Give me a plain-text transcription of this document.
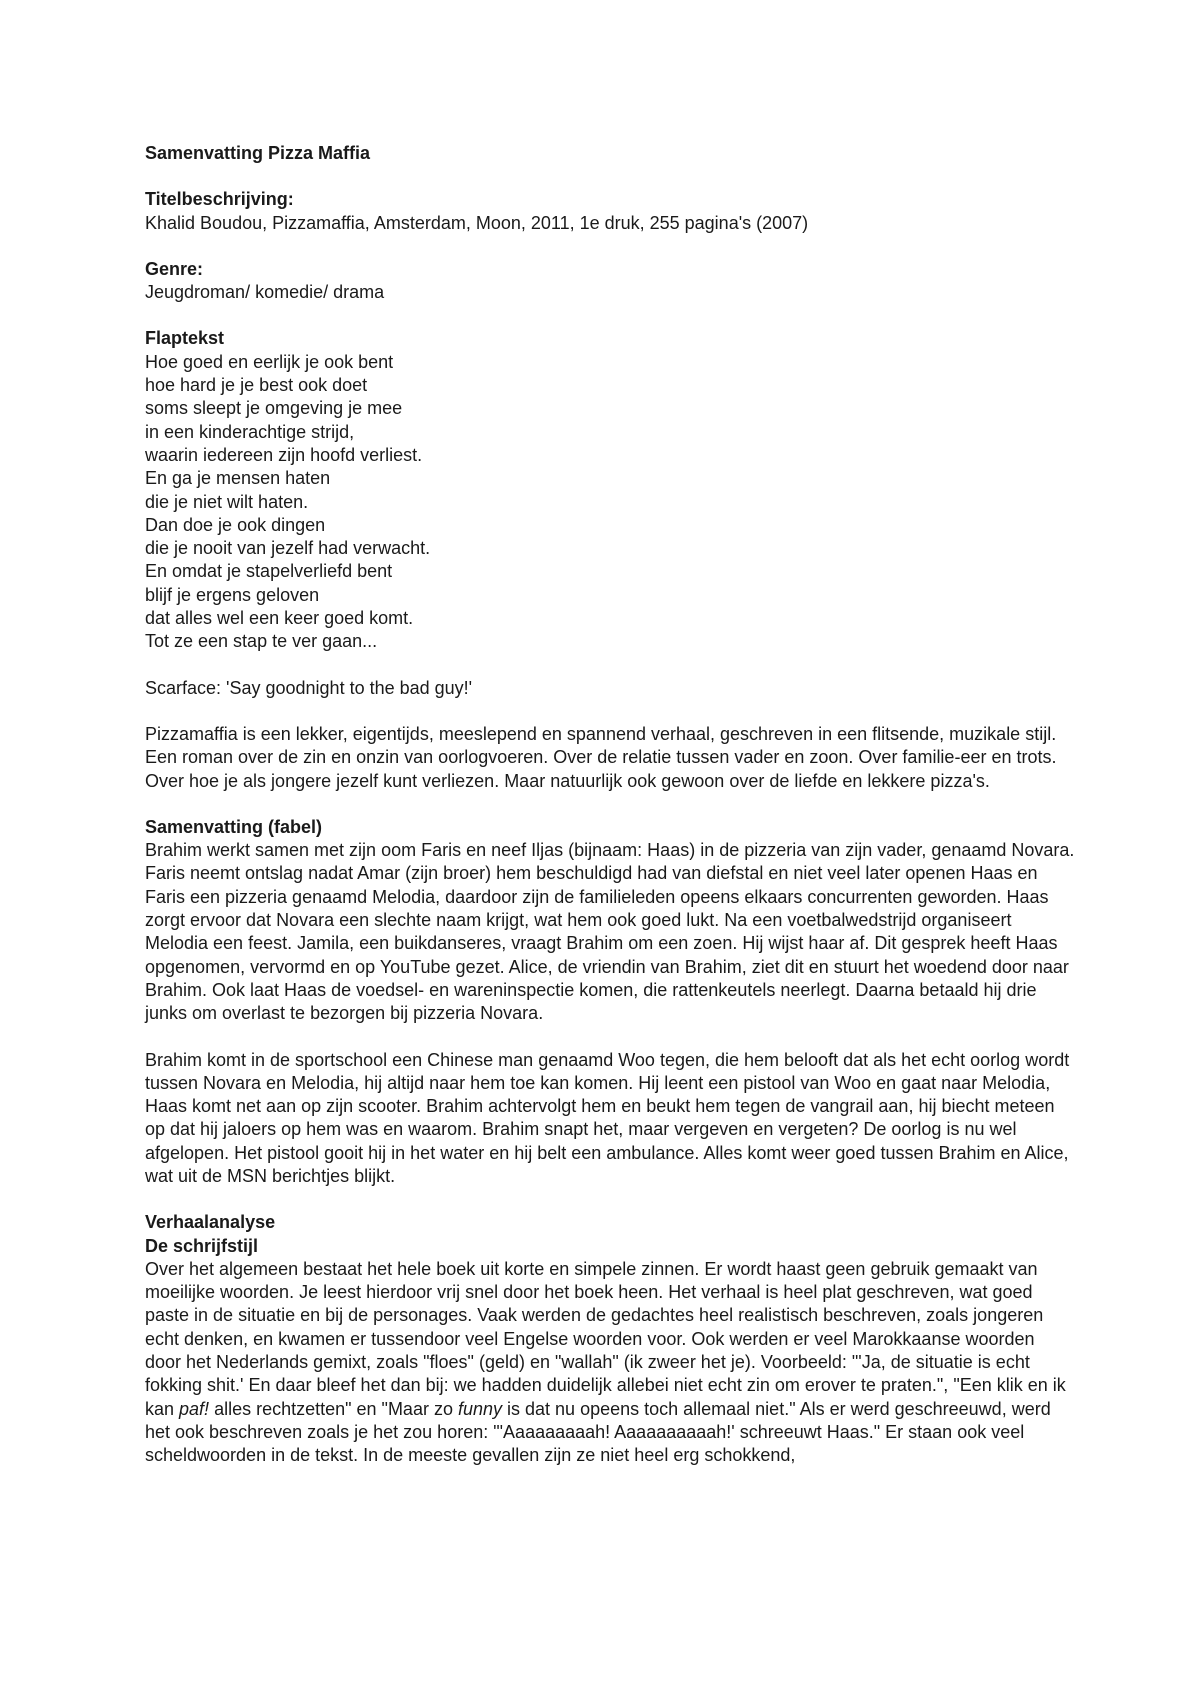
Samenvatting Pizza Maffia

Titelbeschrijving:

Khalid Boudou, Pizzamaffia, Amsterdam, Moon, 2011, 1e druk, 255 pagina's (2007)

Genre:

Jeugdroman/ komedie/ drama

Flaptekst

Hoe goed en eerlijk je ook bent
hoe hard je je best ook doet
soms sleept je omgeving je mee
in een kinderachtige strijd,
waarin iedereen zijn hoofd verliest.
En ga je mensen haten
die je niet wilt haten.
Dan doe je ook dingen
die je nooit van jezelf had verwacht.
En omdat je stapelverliefd bent
blijf je ergens geloven
dat alles wel een keer goed komt.
Tot ze een stap te ver gaan...

Scarface: 'Say goodnight to the bad guy!'

Pizzamaffia is een lekker, eigentijds, meeslepend en spannend verhaal, geschreven in een flitsende, muzikale stijl. Een roman over de zin en onzin van oorlogvoeren. Over de relatie tussen vader en zoon. Over familie-eer en trots. Over hoe je als jongere jezelf kunt verliezen. Maar natuurlijk ook gewoon over de liefde en lekkere pizza's.

Samenvatting (fabel)

Brahim werkt samen met zijn oom Faris en neef Iljas (bijnaam: Haas) in de pizzeria van zijn vader, genaamd Novara. Faris neemt ontslag nadat Amar (zijn broer) hem beschuldigd had van diefstal en niet veel later openen Haas en Faris een pizzeria genaamd Melodia, daardoor zijn de familieleden opeens elkaars concurrenten geworden. Haas zorgt ervoor dat Novara een slechte naam krijgt, wat hem ook goed lukt. Na een voetbalwedstrijd organiseert Melodia een feest. Jamila, een buikdanseres, vraagt Brahim om een zoen. Hij wijst haar af. Dit gesprek heeft Haas opgenomen, vervormd en op YouTube gezet. Alice, de vriendin van Brahim, ziet dit en stuurt het woedend door naar Brahim. Ook laat Haas de voedsel- en wareninspectie komen, die rattenkeutels neerlegt. Daarna betaald hij drie junks om overlast te bezorgen bij pizzeria Novara.

Brahim komt in de sportschool een Chinese man genaamd Woo tegen, die hem belooft dat als het echt oorlog wordt tussen Novara en Melodia, hij altijd naar hem toe kan komen. Hij leent een pistool van Woo en gaat naar Melodia, Haas komt net aan op zijn scooter. Brahim achtervolgt hem en beukt hem tegen de vangrail aan, hij biecht meteen op dat hij jaloers op hem was en waarom. Brahim snapt het, maar vergeven en vergeten? De oorlog is nu wel afgelopen. Het pistool gooit hij in het water en hij belt een ambulance. Alles komt weer goed tussen Brahim en Alice, wat uit de MSN berichtjes blijkt.

Verhaalanalyse

De schrijfstijl

Over het algemeen bestaat het hele boek uit korte en simpele zinnen. Er wordt haast geen gebruik gemaakt van moeilijke woorden. Je leest hierdoor vrij snel door het boek heen. Het verhaal is heel plat geschreven, wat goed paste in de situatie en bij de personages. Vaak werden de gedachtes heel realistisch beschreven, zoals jongeren echt denken, en kwamen er tussendoor veel Engelse woorden voor. Ook werden er veel Marokkaanse woorden door het Nederlands gemixt, zoals "floes" (geld) en "wallah" (ik zweer het je). Voorbeeld: "'Ja, de situatie is echt fokking shit.' En daar bleef het dan bij: we hadden duidelijk allebei niet echt zin om erover te praten.", "Een klik en ik kan paf! alles rechtzetten" en "Maar zo funny is dat nu opeens toch allemaal niet." Als er werd geschreeuwd, werd het ook beschreven zoals je het zou horen: "'Aaaaaaaaah! Aaaaaaaaaah!' schreeuwt Haas." Er staan ook veel scheldwoorden in de tekst. In de meeste gevallen zijn ze niet heel erg schokkend,
